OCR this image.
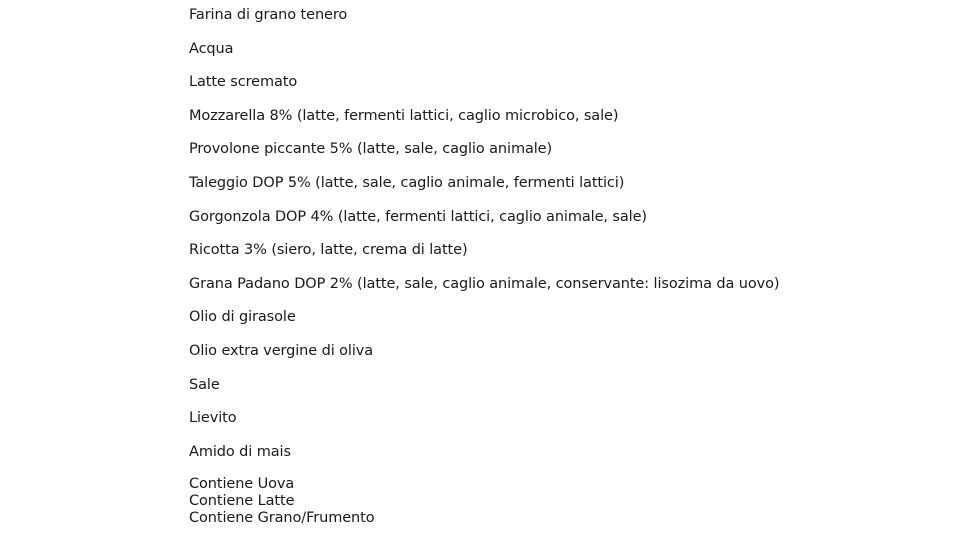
Farina di grano tenero
Acqua
Latte scremato
Mozzarella 8% (latte, fermenti lattici, caglio microbico, sale)
Provolone piccante 5% (latte, sale, caglio animale)
Taleggio DOP 5% (latte, sale, caglio animale, fermenti lattici)
Gorgonzola DOP 4% (latte, fermenti lattici, caglio animale, sale)
Ricotta 3% (siero, latte, crema di latte)
Grana Padano DOP 2% (latte, sale, caglio animale, conservante: lisozima da uovo)
Olio di girasole
Olio extra vergine di oliva
Sale
Lievito
Amido di mais
Contiene Uova
Contiene Latte
Contiene Grano/Frumento
